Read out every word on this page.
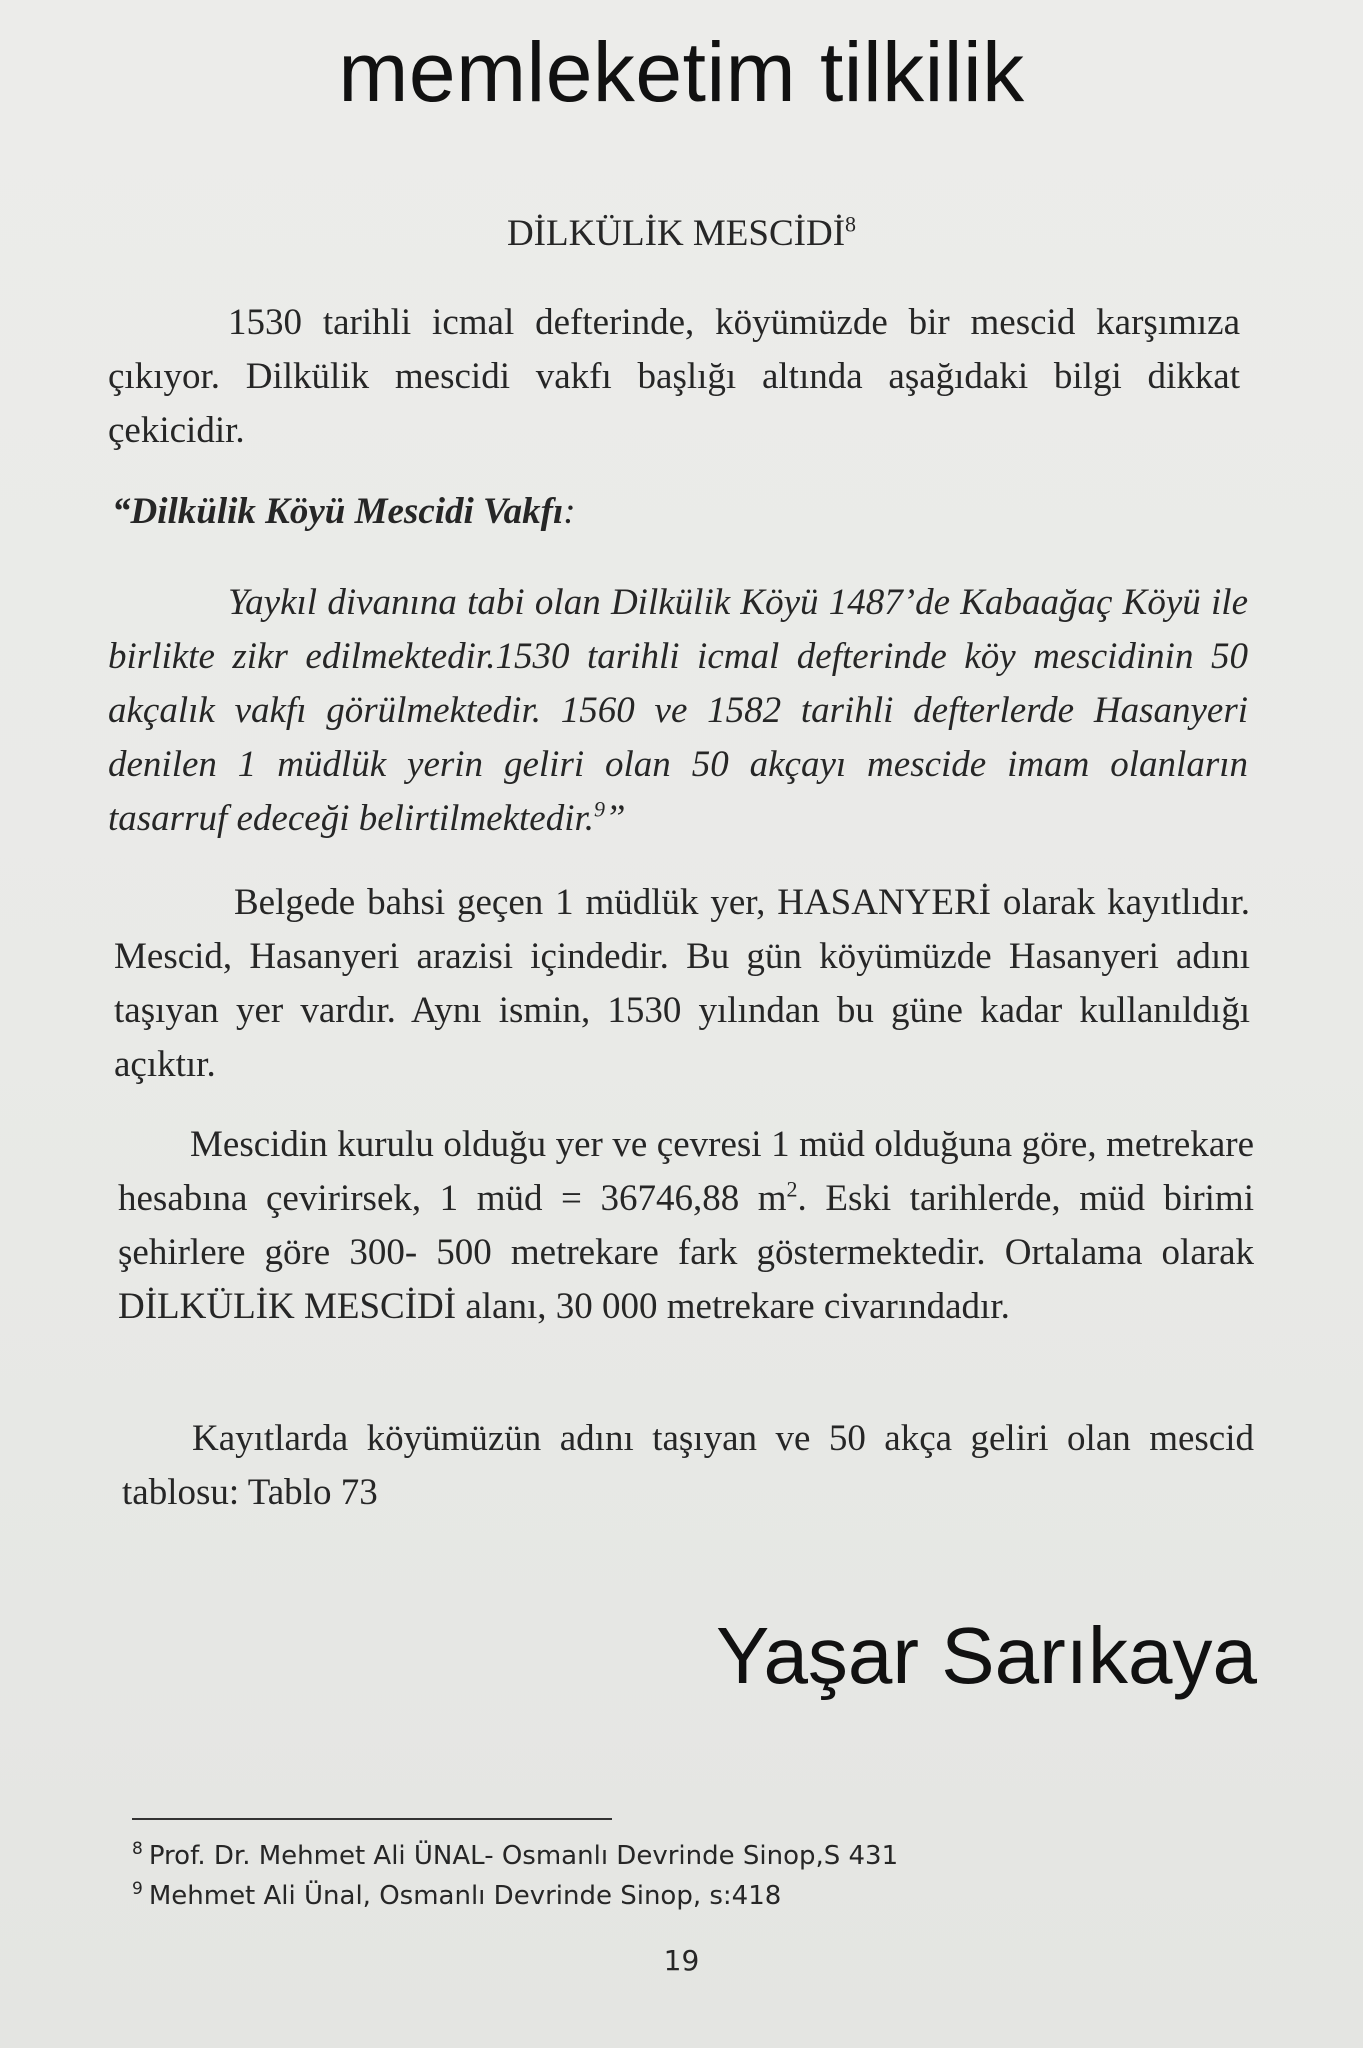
memleketim tilkilik
DİLKÜLİK MESCİDİ$^8$

1530 tarihli icmal defterinde, köyümüzde bir mescid karşımıza çıkıyor. Dilkülik mescidi vakfı başlığı altında aşağıdaki bilgi dikkat çekicidir.

“Dilkülik Köyü Mescidi Vakfı:

Yaykıl divanına tabi olan Dilkülik Köyü 1487’de Kabaağaç Köyü ile birlikte zikr edilmektedir.1530 tarihli icmal defterinde köy mescidinin 50 akçalık vakfı görülmektedir. 1560 ve 1582 tarihli defterlerde Hasanyeri denilen 1 müdlük yerin geliri olan 50 akçayı mescide imam olanların tasarruf edeceği belirtilmektedir.$^9$”

Belgede bahsi geçen 1 müdlük yer, HASANYERİ olarak kayıtlıdır. Mescid, Hasanyeri arazisi içindedir. Bu gün köyümüzde Hasanyeri adını taşıyan yer vardır. Aynı ismin, 1530 yılından bu güne kadar kullanıldığı açıktır.

Mescidin kurulu olduğu yer ve çevresi 1 müd olduğuna göre, metrekare hesabına çevirirsek, 1 müd = 36746,88 $m^2$. Eski tarihlerde, müd birimi şehirlere göre 300- 500 metrekare fark göstermektedir. Ortalama olarak DİLKÜLİK MESCİDİ alanı, 30 000 metrekare civarındadır.

Kayıtlarda köyümüzün adını taşıyan ve 50 akça geliri olan mescid tablosu: Tablo 73

Yaşar Sarıkaya
$^8$ Prof. Dr. Mehmet Ali ÜNAL- Osmanlı Devrinde Sinop,S 431
$^9$ Mehmet Ali Ünal, Osmanlı Devrinde Sinop, s:418
19
